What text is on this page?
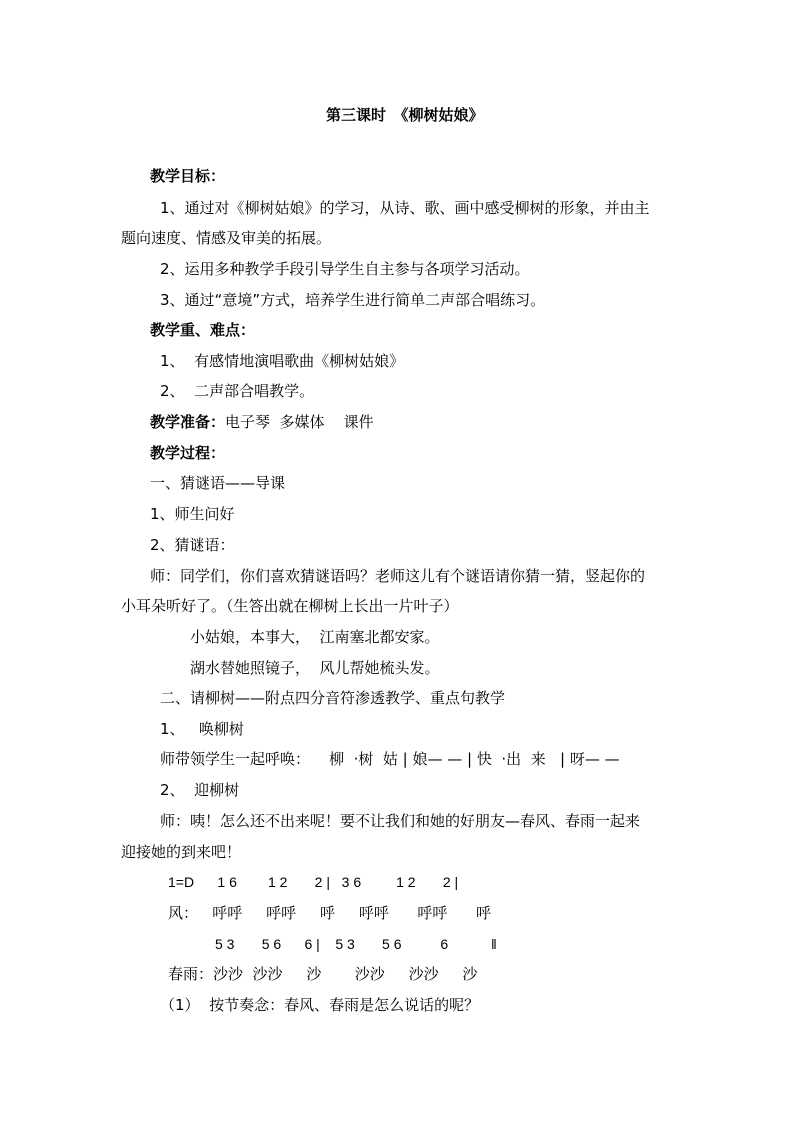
第三课时　《柳树姑娘》
教学目标：
1、通过对《柳树姑娘》的学习，从诗、歌、画中感受柳树的形象，并由主
题向速度、情感及审美的拓展。
2、运用多种教学手段引导学生自主参与各项学习活动。
3、通过“意境”方式，培养学生进行简单二声部合唱练习。
教学重、难点：
1、  有感情地演唱歌曲《柳树姑娘》
2、  二声部合唱教学。
教学准备：电子琴  多媒体    课件
教学过程：
一、猜谜语——导课
1、师生问好
2、猜谜语：
师：同学们，你们喜欢猜谜语吗？老师这儿有个谜语请你猜一猜，竖起你的
小耳朵听好了。（生答出就在柳树上长出一片叶子）
小姑娘，本事大，  江南塞北都安家。
湖水替她照镜子，  风儿帮她梳头发。
二、请柳树——附点四分音符渗透教学、重点句教学
1、   唤柳树
师带领学生一起呼唤：    柳  ·树  姑 | 娘— — | 快  ·出  来   | 呀— —
2、  迎柳树
师：咦！怎么还不出来呢！要不让我们和她的好朋友—春风、春雨一起来
迎接她的到来吧！
1=D      1 6        1 2       2 |   3 6         1 2       2 |
风：   呼呼     呼呼     呼     呼呼      呼呼      呼
5 3       5 6      6 |    5 3       5 6          6           ‖
春雨：沙沙  沙沙     沙       沙沙     沙沙     沙
（1）  按节奏念：春风、春雨是怎么说话的呢？
